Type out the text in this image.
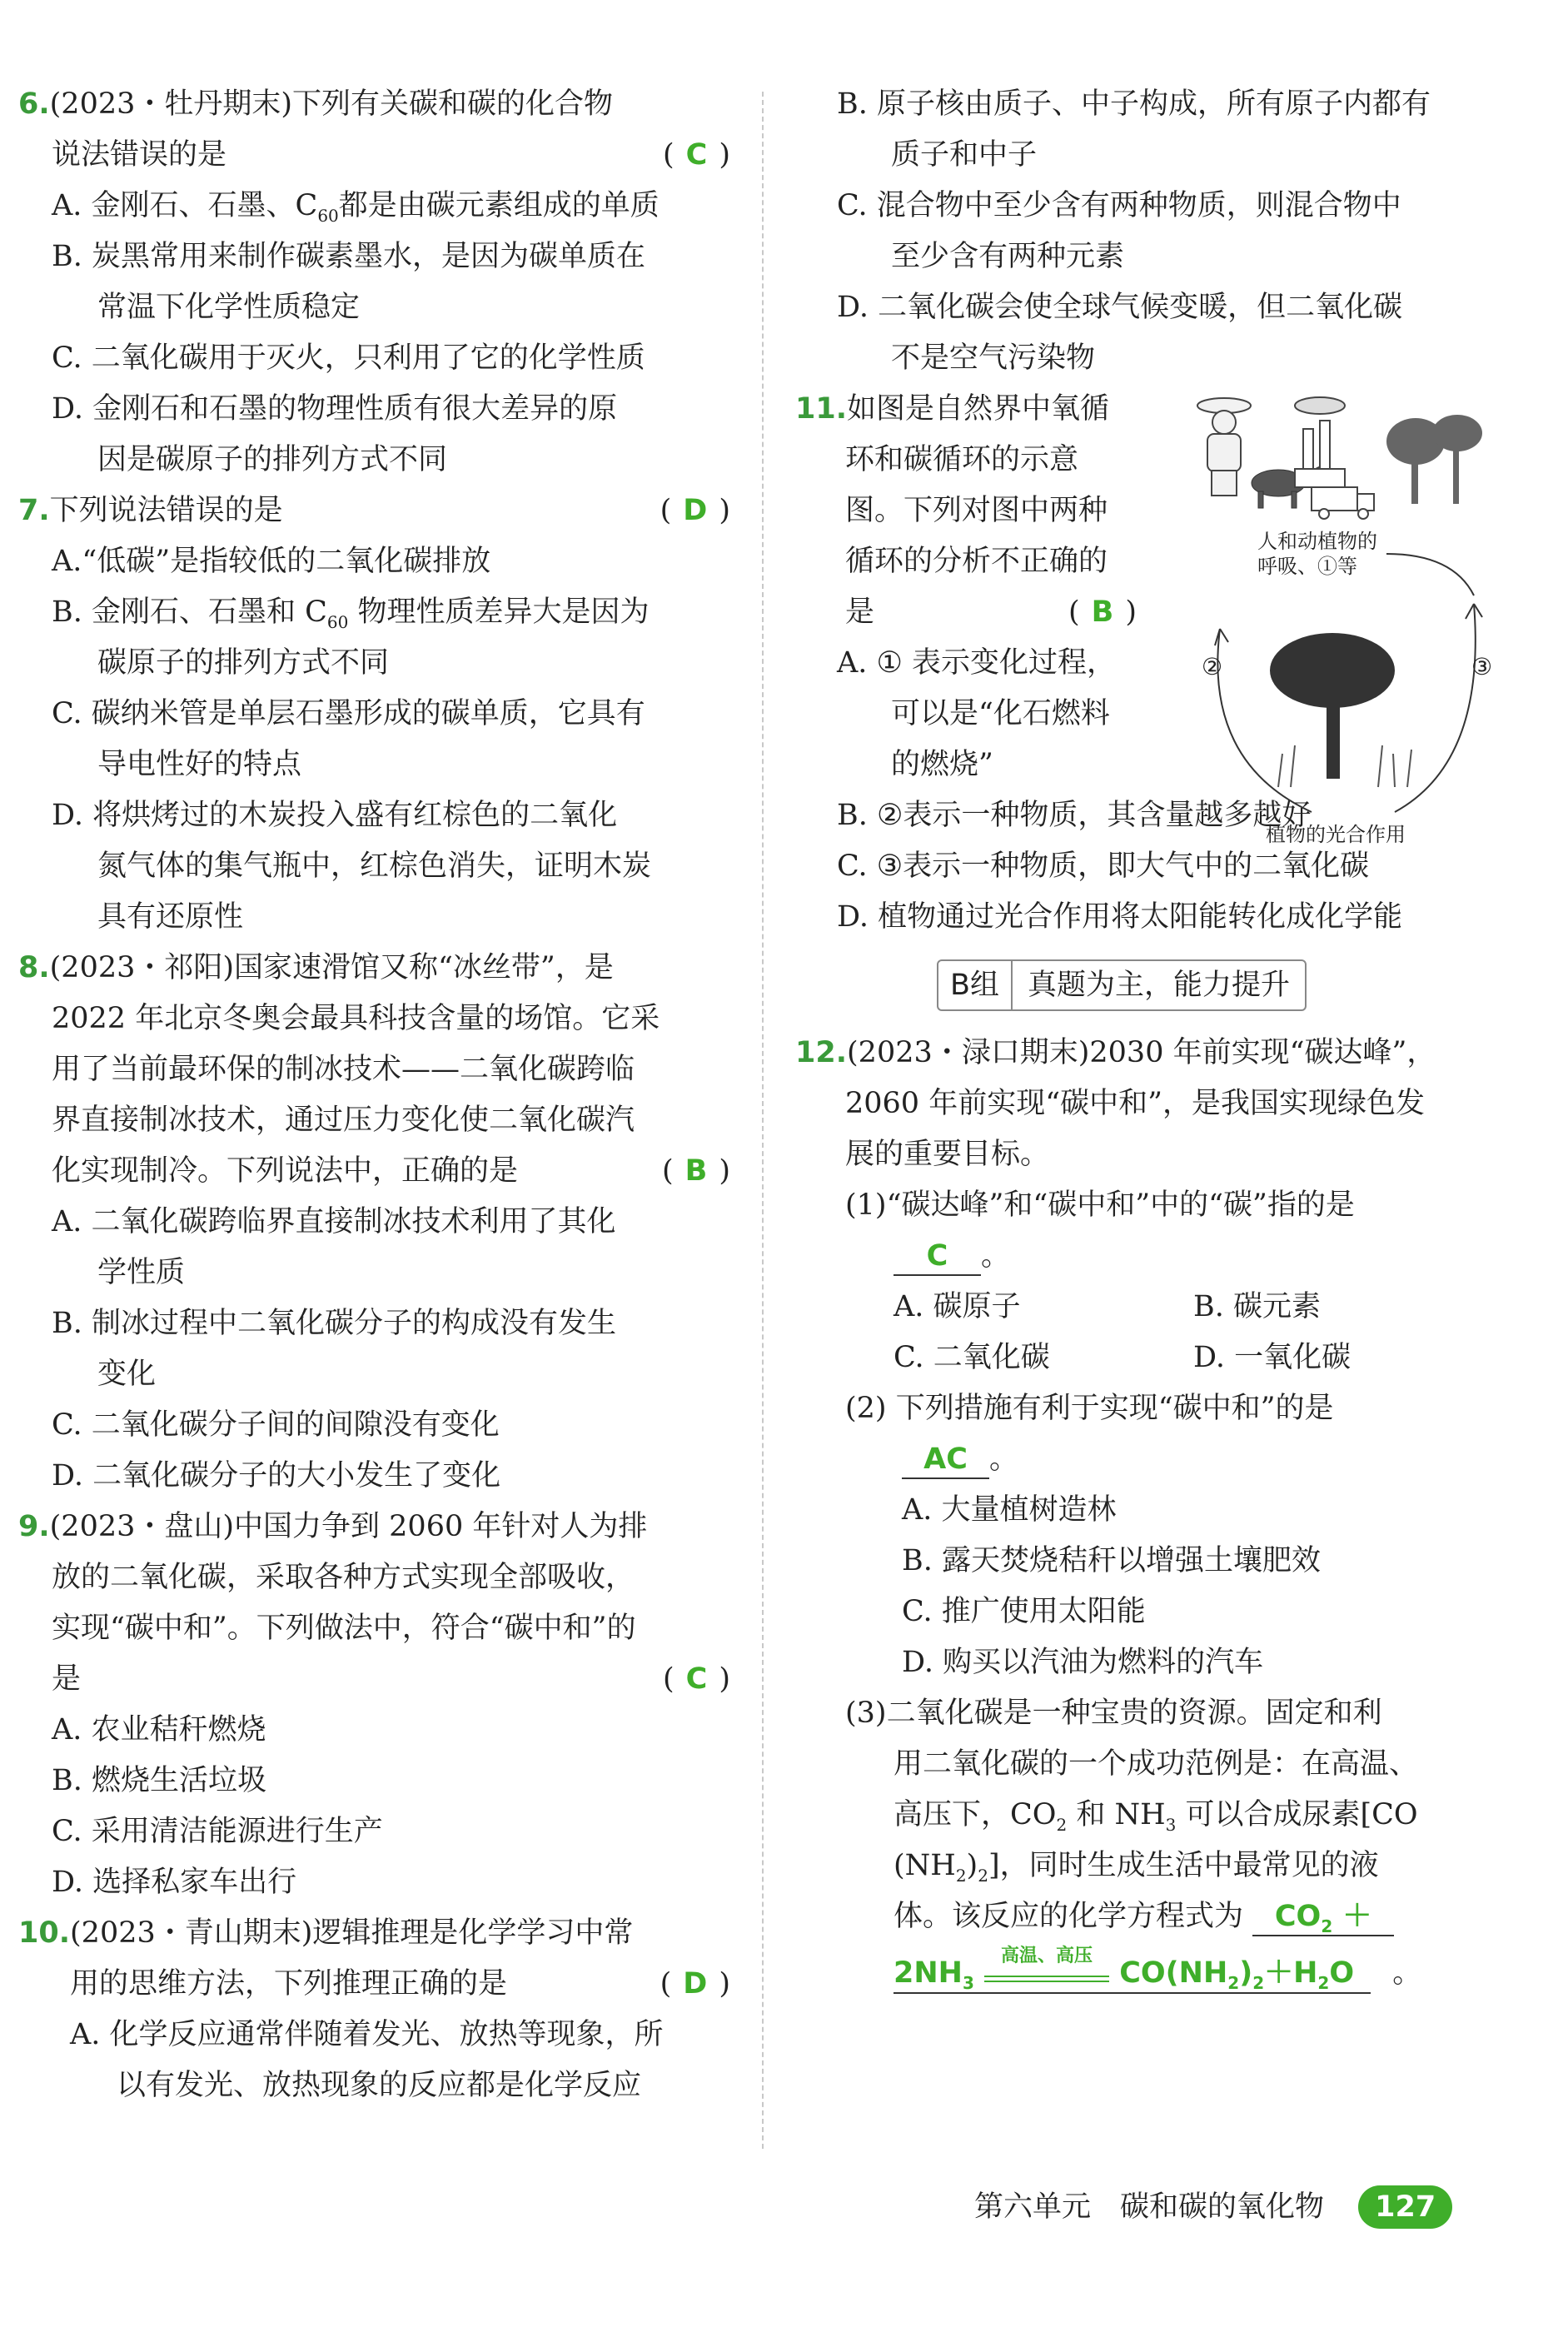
6.(2023・牡丹期末)下列有关碳和碳的化合物
说法错误的是	( C )
A. 金刚石、石墨、$C_{60}$都是由碳元素组成的单质
B. 炭黑常用来制作碳素墨水，是因为碳单质在
常温下化学性质稳定
C. 二氧化碳用于灭火，只利用了它的化学性质
D. 金刚石和石墨的物理性质有很大差异的原
因是碳原子的排列方式不同
7.下列说法错误的是	( D )
A.“低碳”是指较低的二氧化碳排放
B. 金刚石、石墨和 $C_{60}$ 物理性质差异大是因为
碳原子的排列方式不同
C. 碳纳米管是单层石墨形成的碳单质，它具有
导电性好的特点
D. 将烘烤过的木炭投入盛有红棕色的二氧化
氮气体的集气瓶中，红棕色消失，证明木炭
具有还原性
8.(2023・祁阳)国家速滑馆又称“冰丝带”，是
2022 年北京冬奥会最具科技含量的场馆。它采
用了当前最环保的制冰技术——二氧化碳跨临
界直接制冰技术，通过压力变化使二氧化碳汽
化实现制冷。下列说法中，正确的是	( B )
A. 二氧化碳跨临界直接制冰技术利用了其化
学性质
B. 制冰过程中二氧化碳分子的构成没有发生
变化
C. 二氧化碳分子间的间隙没有变化
D. 二氧化碳分子的大小发生了变化
9.(2023・盘山)中国力争到 2060 年针对人为排
放的二氧化碳，采取各种方式实现全部吸收，
实现“碳中和”。下列做法中，符合“碳中和”的
是	( C )
A. 农业秸秆燃烧
B. 燃烧生活垃圾
C. 采用清洁能源进行生产
D. 选择私家车出行
10.(2023・青山期末)逻辑推理是化学学习中常
用的思维方法，下列推理正确的是	( D )
A. 化学反应通常伴随着发光、放热等现象，所
以有发光、放热现象的反应都是化学反应
B. 原子核由质子、中子构成，所有原子内都有
质子和中子
C. 混合物中至少含有两种物质，则混合物中
至少含有两种元素
D. 二氧化碳会使全球气候变暖，但二氧化碳
不是空气污染物
11.如图是自然界中氧循
环和碳循环的示意
图。下列对图中两种
循环的分析不正确的
是	( B )
A. ① 表示变化过程，
可以是“化石燃料
的燃烧”
B. ②表示一种物质，其含量越多越好
C. ③表示一种物质，即大气中的二氧化碳
D. 植物通过光合作用将太阳能转化成化学能
人和动植物的
呼吸、①等
②	③
植物的光合作用
B组 真题为主，能力提升
12.(2023・渌口期末)2030 年前实现“碳达峰”，
2060 年前实现“碳中和”，是我国实现绿色发
展的重要目标。
(1)“碳达峰”和“碳中和”中的“碳”指的是
C 。
A. 碳原子	B. 碳元素
C. 二氧化碳	D. 一氧化碳
(2) 下列措施有利于实现“碳中和”的是
AC 。
A. 大量植树造林
B. 露天焚烧秸秆以增强土壤肥效
C. 推广使用太阳能
D. 购买以汽油为燃料的汽车
(3)二氧化碳是一种宝贵的资源。固定和利
用二氧化碳的一个成功范例是：在高温、
高压下，$CO_2$ 和 $NH_3$ 可以合成尿素[CO
$(NH_2)_2$]，同时生成生活中最常见的液
体。该反应的化学方程式为 $CO_2$ ＋
$2NH_3$
高温、高压
$CO(NH_2)_2+H_2O$ 。
第六单元　碳和碳的氧化物 127
